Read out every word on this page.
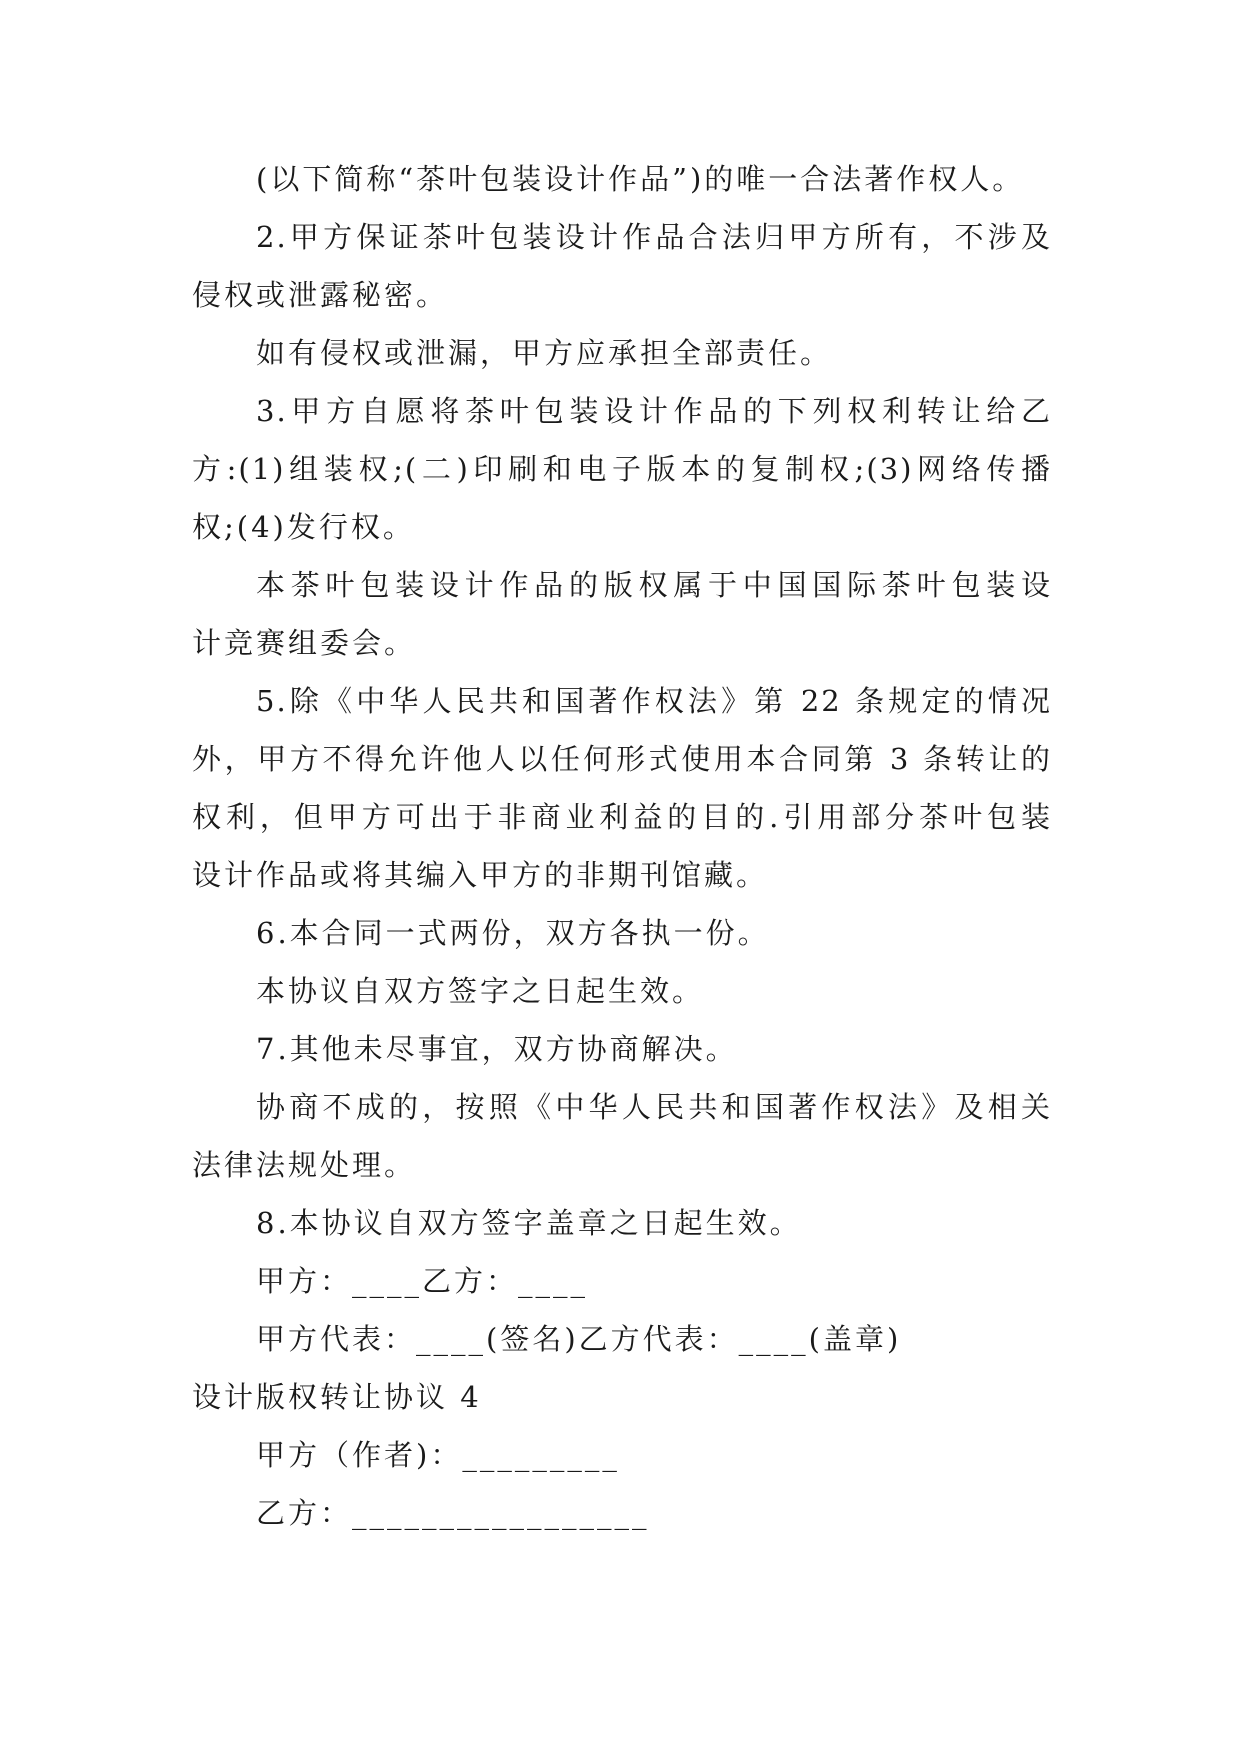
(以下简称“茶叶包装设计作品”)的唯一合法著作权人。
2.甲方保证茶叶包装设计作品合法归甲方所有，不涉及
侵权或泄露秘密。
如有侵权或泄漏，甲方应承担全部责任。
3.甲方自愿将茶叶包装设计作品的下列权利转让给乙
方:(1)组装权;(二)印刷和电子版本的复制权;(3)网络传播
权;(4)发行权。
本茶叶包装设计作品的版权属于中国国际茶叶包装设
计竞赛组委会。
5.除《中华人民共和国著作权法》第 22 条规定的情况
外，甲方不得允许他人以任何形式使用本合同第 3 条转让的
权利，但甲方可出于非商业利益的目的.引用部分茶叶包装
设计作品或将其编入甲方的非期刊馆藏。
6.本合同一式两份，双方各执一份。
本协议自双方签字之日起生效。
7.其他未尽事宜，双方协商解决。
协商不成的，按照《中华人民共和国著作权法》及相关
法律法规处理。
8.本协议自双方签字盖章之日起生效。
甲方：____乙方：____
甲方代表：____(签名)乙方代表：____(盖章)
设计版权转让协议 4
甲方（作者)：_________
乙方：_________________
